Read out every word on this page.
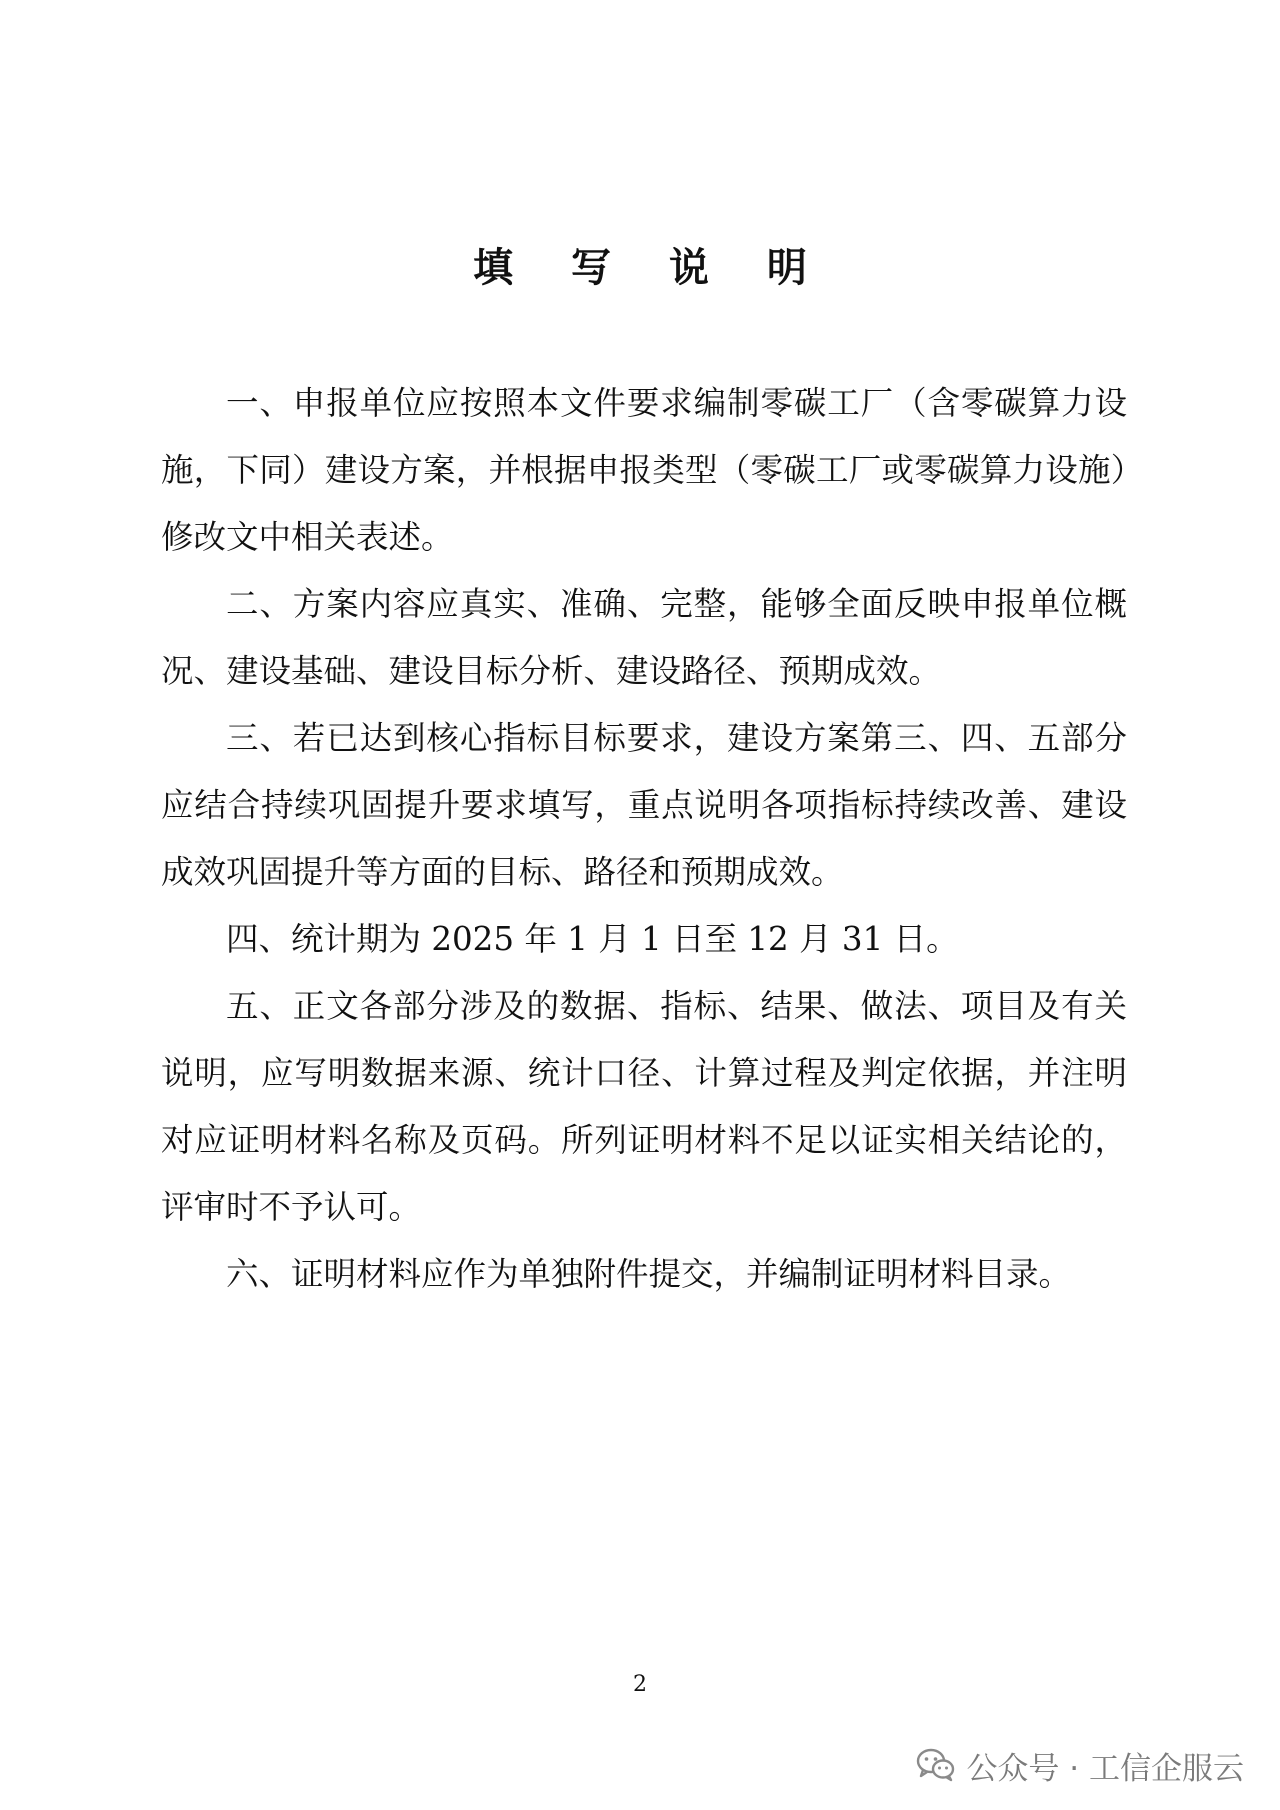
填 写 说 明

一、申报单位应按照本文件要求编制零碳工厂（含零碳算力设施，下同）建设方案，并根据申报类型（零碳工厂或零碳算力设施）修改文中相关表述。

二、方案内容应真实、准确、完整，能够全面反映申报单位概况、建设基础、建设目标分析、建设路径、预期成效。

三、若已达到核心指标目标要求，建设方案第三、四、五部分应结合持续巩固提升要求填写，重点说明各项指标持续改善、建设成效巩固提升等方面的目标、路径和预期成效。

四、统计期为 2025 年 1 月 1 日至 12 月 31 日。

五、正文各部分涉及的数据、指标、结果、做法、项目及有关说明，应写明数据来源、统计口径、计算过程及判定依据，并注明对应证明材料名称及页码。所列证明材料不足以证实相关结论的，评审时不予认可。

六、证明材料应作为单独附件提交，并编制证明材料目录。

2
公众号 · 工信企服云
